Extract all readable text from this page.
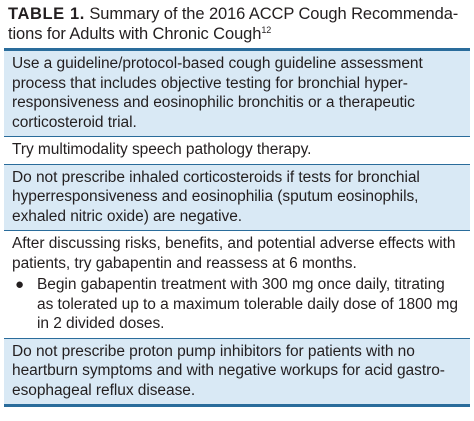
TABLE 1. Summary of the 2016 ACCP Cough Recommenda-
tions for Adults with Chronic Cough$^{12}$

Use a guideline/protocol-based cough guideline assessment process that includes objective testing for bronchial hyper-responsiveness and eosinophilic bronchitis or a therapeutic corticosteroid trial.

Try multimodality speech pathology therapy.

Do not prescribe inhaled corticosteroids if tests for bronchial hyperresponsiveness and eosinophilia (sputum eosinophils, exhaled nitric oxide) are negative.

After discussing risks, benefits, and potential adverse effects with patients, try gabapentin and reassess at 6 months.

● Begin gabapentin treatment with 300 mg once daily, titrating as tolerated up to a maximum tolerable daily dose of 1800 mg in 2 divided doses.

Do not prescribe proton pump inhibitors for patients with no heartburn symptoms and with negative workups for acid gastro-esophageal reflux disease.
